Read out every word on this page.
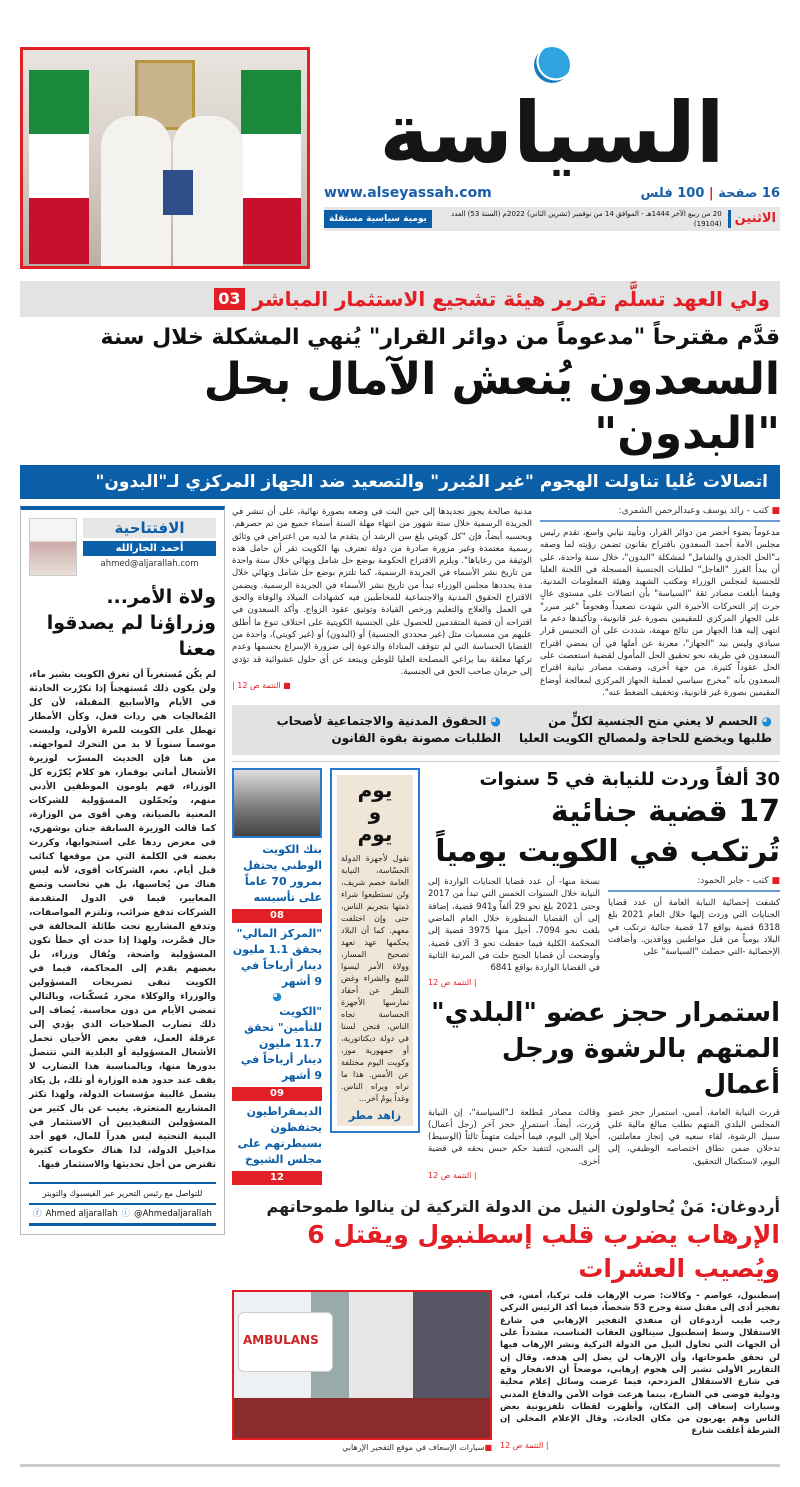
السياسة
www.alseyassah.com	16 صفحة | 100 فلس
الاثنين
20 من ربيع الآخر 1444هـ - الموافق 14 من نوفمبر (تشرين الثاني) 2022م (السنة 53) العدد (19104)
يومية سياسية مستقلة
ولي العهد تسلَّم تقرير هيئة تشجيع الاستثمار المباشر
03
قدَّم مقترحاً "مدعوماً من دوائر القرار" يُنهي المشكلة خلال سنة
السعدون يُنعش الآمال بحل "البدون"
اتصالات عُليا تناولت الهجوم "غير المُبرر" والتصعيد ضد الجهاز المركزي لـ"البدون"
الافتتاحية
أحمد الجارالله
ahmed@aljarallah.com
ولاة الأمر...
وزراؤنا لم يصدقوا معنا
لم يكُن مُستغرباً أن تغرق الكويت بشبر ماء، ولن يكون ذلك مُستهجناً إذا تكرّرت الحادثة في الأيام والأسابيع المقبلة، لأن كل المُعالجات هي ردات فعل، وكأن الأمطار تهطل على الكويت للمرة الأولى، وليست موسماً سنوياً لا بد من التحرك لمواجهته. من هنا فإن الحديث المسرّب لوزيرة الأشغال أماني بوقماز، هو كلام يُكرّره كل الوزراء، فهم يلومون الموظفين الأدنى منهم، ويُحمّلون المسؤولية للشركات المعنية بالصيانة، وهي أقوى من الوزارة، كما قالت الوزيرة السابقة جنان بوشهري، في معرض ردها على استجوابها، وكررت بعضه في الكلمة التي من موقعها كنائب قبل أيام. نعم، الشركات أقوى، لأنه ليس هناك من يُحاسبها، بل هي تحاسب وتضع المعايير، فيما في الدول المتقدمة الشركات تدفع ضرائب، وتلتزم المواصفات، وتدفع المشاريع تحت طائلة المخالفة في حال قصَّرت، ولهذا إذا حدث أي خطأ تكون المسؤولية واضحة، ويُقال وزراء، بل بعضهم يقدم إلى المحاكمة، فيما في الكويت تبقى تصريحات المسؤولين والوزراء والوكلاء مجرد مُسكّنات، وبالتالي تمضي الأيام من دون محاسبة. يُضاف إلى ذلك تضارب الصلاحيات الذي يؤدي إلى عرقلة العمل، ففي بعض الأحيان تحمل الأشغال المسؤولية أو البلدية التي تتنصل بدورها منها، وبالمناسبة هذا التضارب لا يقف عند حدود هذه الوزارة أو تلك، بل يكاد يشمل غالبية مؤسسات الدولة، ولهذا تكثر المشاريع المتعثرة. يغيب عن بال كثير من المسؤولين التنفيذيين أن الاستثمار في البنية التحتية ليس هدراً للمال، فهو أحد مداخيل الدولة، لذا هناك حكومات كثيرة تقترض من أجل تحديثها والاستثمار فيها.
للتواصل مع رئيس التحرير عبر الفيسبوك والتويتر
ⓕ Ahmed aljarallah ⓣ @Ahmedaljarallah
مدنية صالحة يجوز تجديدها إلى حين البت في وضعه بصورة نهائية، على أن تنشر في الجريدة الرسمية خلال ستة شهور من انتهاء مهلة السنة أسماء جميع من تم حصرهم. وبحسبه أيضاً، فإن "كل كويتي بلغ سن الرشد أن يتقدم ما لديه من اعتراض في وثائق رسمية معتمدة وغير مزورة صادرة من دولة تعترف بها الكويت تقر أن حامل هذه الوثيقة من رعاياها". ويلزم الاقتراح الحكومة بوضع حل شامل ونهائي خلال سنة واحدة من تاريخ نشر الأسماء في الجريدة الرسمية، كما تلتزم بوضع حل شامل ونهائي خلال مدة يحددها مجلس الوزراء تبدأ من تاريخ نشر الأسماء في الجريدة الرسمية. ويضمن الاقتراح الحقوق المدنية والاجتماعية للمخاطبين فيه كشهادات الميلاد والوفاة والحق في العمل والعلاج والتعليم ورخص القيادة وتوثيق عقود الزواج. وأكد السعدون في اقتراحه أن قضية المتقدمين للحصول على الجنسية الكويتية على اختلاف تنوع ما أطلق عليهم من مسميات مثل (غير محددي الجنسية) أو (البدون) أو (غير كويتي)، واحدة من القضايا الحساسة التي لم تتوقف المناداة والدعوة إلى ضرورة الإسراع بحسمها وعدم تركها معلقة بما يراعي المصلحة العليا للوطن ويبتعد عن أي حلول عشوائية قد تؤدي إلى حرمان صاحب الحق في الجنسية.
■ التتمة ص 12 |
■ كتب - رائد يوسف وعبدالرحمن الشمري:
مدعوماً بضوء أخضر من دوائر القرار، وتأييد نيابي واسع، تقدم رئيس مجلس الأمة أحمد السعدون باقتراح بقانون تضمن رؤيته لما وصفه بـ"الحل الجذري والشامل" لمشكلة "البدون"، خلال سنة واحدة، على أن يبدأ الفرز "العاجل" لطلبات الجنسية المسجلة في اللجنة العليا للجنسية لمجلس الوزراء ومكتب الشهيد وهيئة المعلومات المدنية. وفيما أبلغت مصادر ثقة "السياسة" بأن اتصالات على مستوى عالٍ جرت إثر التحركات الأخيرة التي شهدت تصعيداً وهجوماً "غير مبرر" على الجهاز المركزي للمقيمين بصورة غير قانونية، وتأكيدها دعم ما انتهى إليه هذا الجهاز من نتائج مهمة، شددت على أن التجنيس قرار سيادي وليس بيد "الجهاز"، معربة عن أملها في أن يمضي اقتراح السعدون في طريقه نحو تحقيق الحل المأمول لقضية استعصت على الحل عقوداً كثيرة. من جهة أخرى، وصفت مصادر نيابية اقتراح السعدون بأنه "مخرج سياسي لعملية الجهاز المركزي لمعالجة أوضاع المقيمين بصورة غير قانونية، وتخفيف الضغط عنه".
◕ الحقوق المدنية والاجتماعية لأصحاب الطلبات مصونة بقوة القانون
◕ الحسم لا يعني منح الجنسية لكلٍّ من طلبها ويخضع للحاجة ولمصالح الكويت العليا
بنك الكويت الوطني يحتفل بمرور 70 عاماً على تأسيسه
08
"المركز المالي" يحقق 1.1 مليون دينار أرباحاً في 9 أشهر
◕
"الكويت للتأمين" تحقق 11.7 مليون دينار أرباحاً في 9 أشهر
09
الديمقراطيون يحتفظون بسيطرتهم على مجلس الشيوخ
12
يوم
و
يوم
نقول لأجهزة الدولة الحسّاسة، النيابة العامة خصم شريف، ولن تستطيعوا شراء ذمتها بتجريم الناس، حتى وإن اختلفت معهم. كما أن البلاد يحكمها عهد تعهد تصحيح المسار، وولاة الأمر ليسوا للبيع والشراء وغض النظر عن أحقاد تمارسها الأجهزة الحساسة تجاه الناس، فنحن لسنا في دولة ديكتاتورية، أو جمهورية موز، وكويت اليوم مختلفة عن الأمس. هذا ما نراه ويراه الناس. وغداً يومٌ آخر...
زاهد مطر
30 ألفاً وردت للنيابة في 5 سنوات
17 قضية جنائية
تُرتكب في الكويت يومياً
نسخة منها- أن عدد قضايا الجنايات الواردة إلى النيابة خلال السنوات الخمس التي تبدأ من 2017 وحتى 2021 بلغ نحو 29 ألفاً و941 قضية، إضافة إلى أن القضايا المنظورة خلال العام الماضي بلغت نحو 7094، أحيل منها 3975 قضية إلى المحكمة الكلية فيما حفظت نحو 3 آلاف قضية. وأوضحت أن قضايا الجنح حلت في المرتبة الثانية في القضايا الواردة بواقع 6841
| التتمة ص 12
■ كتب - جابر الحمود:
كشفت إحصائية النيابة العامة أن عدد قضايا الجنايات التي وردت إليها خلال العام 2021 بلغ 6318 قضية بواقع 17 قضية جنائية ترتكب في البلاد يومياً من قبل مواطنين ووافدين. وأضافت الإحصائية -التي حصلت "السياسة" على
استمرار حجز عضو "البلدي"
المتهم بالرشوة ورجل أعمال
وقالت مصادر مُطلعة لـ"السياسة"، إن النيابة قررت، أيضاً، استمرار حجز آخر (رجل أعمال) أُحيلا إلى اليوم، فيما أُحيلت متهماً ثالثاً (الوسيط) إلى السجن، لتنفيذ حكم حبس بحقه في قضية أخرى.
| التتمة ص 12
قررت النيابة العامة، أمس، استمرار حجز عضو المجلس البلدي المتهم بطلب مبالغ مالية على سبيل الرشوة، لقاء سعيه في إنجاز معاملتين، تدخلان ضمن نطاق اختصاصه الوظيفي، إلى اليوم، لاستكمال التحقيق.
أردوغان: مَنْ يُحاولون النيل من الدولة التركية لن ينالوا طموحاتهم
الإرهاب يضرب قلب إسطنبول ويقتل 6 ويُصيب العشرات
AMBULANS
■سيارات الإسعاف في موقع التفجير الإرهابي
إسطنبول، عواصم - وكالات: ضرب الإرهاب قلب تركيا، أمس، في تفجير أدى إلى مقتل ستة وجرح 53 شخصاً، فيما أكد الرئيس التركي رجب طيب أردوغان أن منفذي التفجير الإرهابي في شارع الاستقلال وسط إسطنبول سينالون العقاب المناسب، مشدداً على أن الجهات التي تحاول النيل من الدولة التركية ونشر الإرهاب فيها لن تحقق طموحاتها، وأن الإرهاب لن يصل إلى هدفه. وقال إن التقارير الأولى تشير إلى هجوم إرهابي، موضحاً أن الانفجار وقع في شارع الاستقلال المزدحم، فيما عرضت وسائل إعلام محلية ودولية فوضى في الشارع، بينما هرعت قوات الأمن والدفاع المدني وسيارات إسعاف إلى المكان، وأظهرت لقطات تلفزيونية بعض الناس وهم يهربون من مكان الحادث. وقال الإعلام المحلي إن الشرطة أغلقت شارع
| التتمة ص 12
